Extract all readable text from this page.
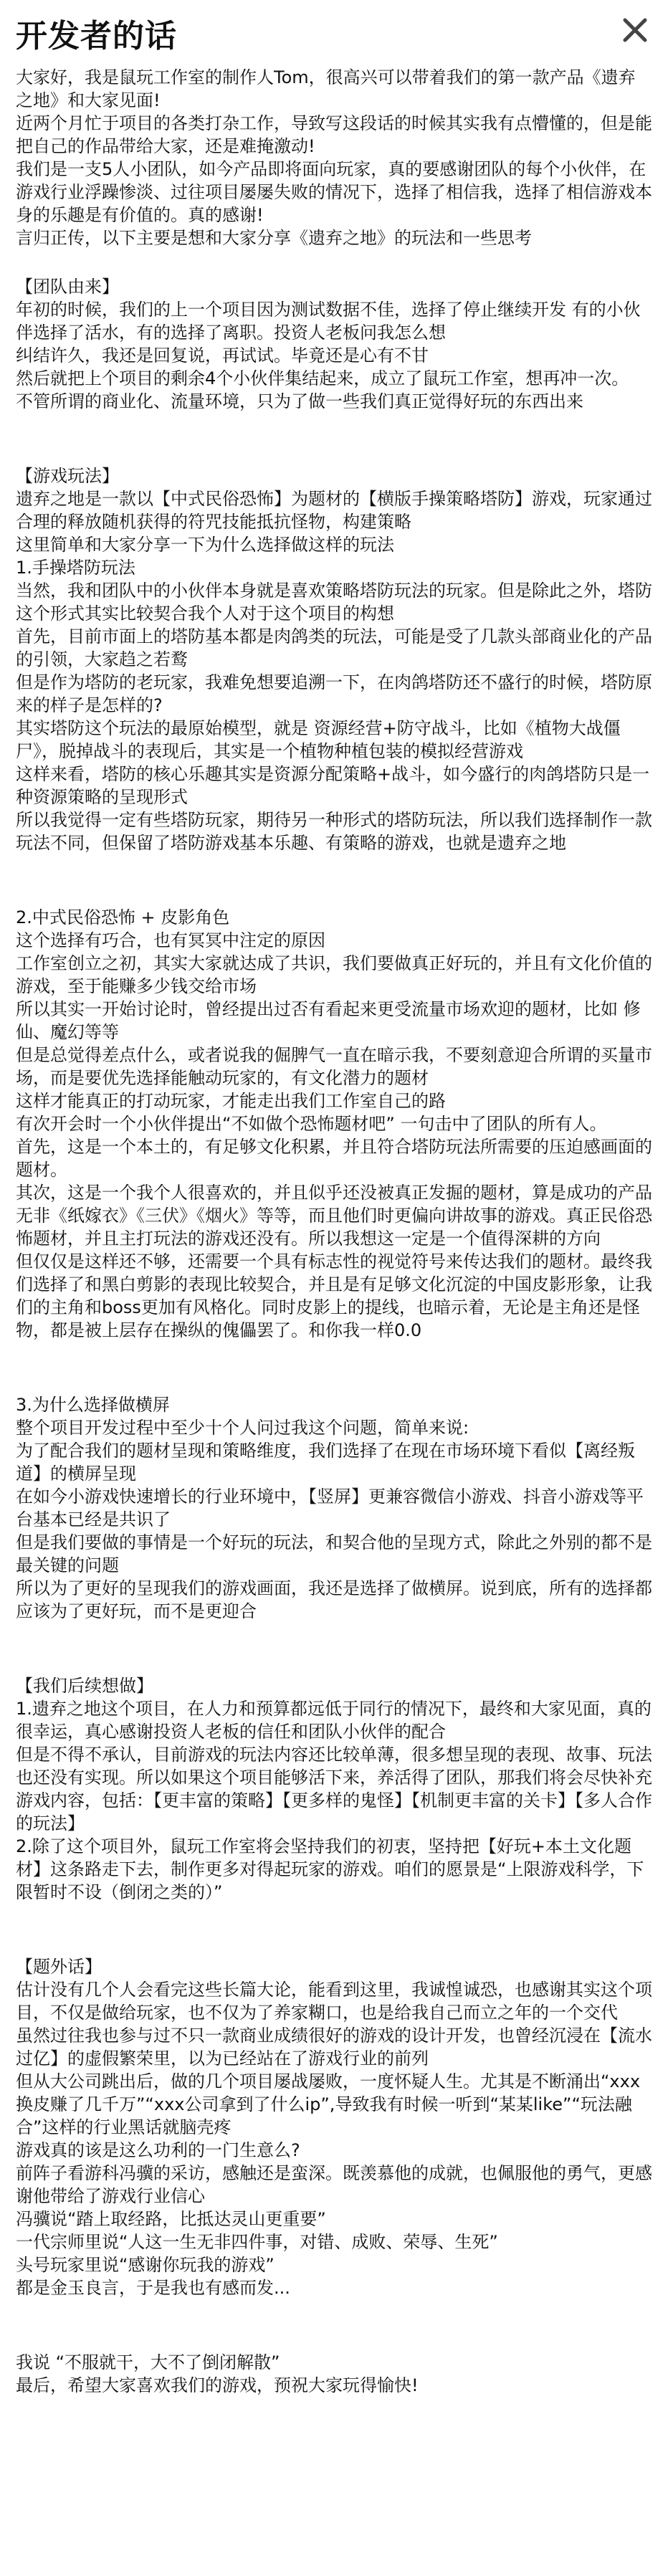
开发者的话

大家好，我是鼠玩工作室的制作人Tom，很高兴可以带着我们的第一款产品《遗弃之地》和大家见面!

近两个月忙于项目的各类打杂工作，导致写这段话的时候其实我有点懵懂的，但是能把自己的作品带给大家，还是难掩激动!

我们是一支5人小团队，如今产品即将面向玩家，真的要感谢团队的每个小伙伴，在游戏行业浮躁惨淡、过往项目屡屡失败的情况下，选择了相信我，选择了相信游戏本身的乐趣是有价值的。真的感谢!

言归正传，以下主要是想和大家分享《遗弃之地》的玩法和一些思考

【团队由来】

年初的时候，我们的上一个项目因为测试数据不佳，选择了停止继续开发 有的小伙伴选择了活水，有的选择了离职。投资人老板问我怎么想

纠结许久，我还是回复说，再试试。毕竟还是心有不甘

然后就把上个项目的剩余4个小伙伴集结起来，成立了鼠玩工作室，想再冲一次。

不管所谓的商业化、流量环境，只为了做一些我们真正觉得好玩的东西出来

【游戏玩法】

遗弃之地是一款以【中式民俗恐怖】为题材的【横版手操策略塔防】游戏，玩家通过合理的释放随机获得的符咒技能抵抗怪物，构建策略

这里简单和大家分享一下为什么选择做这样的玩法

1.手操塔防玩法

当然，我和团队中的小伙伴本身就是喜欢策略塔防玩法的玩家。但是除此之外，塔防这个形式其实比较契合我个人对于这个项目的构想

首先，目前市面上的塔防基本都是肉鸽类的玩法，可能是受了几款头部商业化的产品的引领，大家趋之若鹜

但是作为塔防的老玩家，我难免想要追溯一下，在肉鸽塔防还不盛行的时候，塔防原来的样子是怎样的?

其实塔防这个玩法的最原始模型，就是 资源经营+防守战斗，比如《植物大战僵尸》，脱掉战斗的表现后，其实是一个植物种植包装的模拟经营游戏

这样来看，塔防的核心乐趣其实是资源分配策略+战斗，如今盛行的肉鸽塔防只是一种资源策略的呈现形式

所以我觉得一定有些塔防玩家，期待另一种形式的塔防玩法，所以我们选择制作一款玩法不同，但保留了塔防游戏基本乐趣、有策略的游戏，也就是遗弃之地

2.中式民俗恐怖 + 皮影角色

这个选择有巧合，也有冥冥中注定的原因

工作室创立之初，其实大家就达成了共识，我们要做真正好玩的，并且有文化价值的游戏，至于能赚多少钱交给市场

所以其实一开始讨论时，曾经提出过否有看起来更受流量市场欢迎的题材，比如 修仙、魔幻等等

但是总觉得差点什么，或者说我的倔脾气一直在暗示我，不要刻意迎合所谓的买量市场，而是要优先选择能触动玩家的，有文化潜力的题材

这样才能真正的打动玩家，才能走出我们工作室自己的路

有次开会时一个小伙伴提出“不如做个恐怖题材吧” 一句击中了团队的所有人。

首先，这是一个本土的，有足够文化积累，并且符合塔防玩法所需要的压迫感画面的题材。

其次，这是一个我个人很喜欢的，并且似乎还没被真正发掘的题材，算是成功的产品无非《纸嫁衣》《三伏》《烟火》等等，而且他们时更偏向讲故事的游戏。真正民俗恐怖题材，并且主打玩法的游戏还没有。所以我想这一定是一个值得深耕的方向

但仅仅是这样还不够，还需要一个具有标志性的视觉符号来传达我们的题材。最终我们选择了和黑白剪影的表现比较契合，并且是有足够文化沉淀的中国皮影形象，让我们的主角和boss更加有风格化。同时皮影上的提线，也暗示着，无论是主角还是怪物，都是被上层存在操纵的傀儡罢了。和你我一样0.0

3.为什么选择做横屏

整个项目开发过程中至少十个人问过我这个问题，简单来说:

为了配合我们的题材呈现和策略维度，我们选择了在现在市场环境下看似【离经叛道】的横屏呈现

在如今小游戏快速增长的行业环境中，【竖屏】更兼容微信小游戏、抖音小游戏等平台基本已经是共识了

但是我们要做的事情是一个好玩的玩法，和契合他的呈现方式，除此之外别的都不是最关键的问题

所以为了更好的呈现我们的游戏画面，我还是选择了做横屏。说到底，所有的选择都应该为了更好玩，而不是更迎合

【我们后续想做】

1.遗弃之地这个项目，在人力和预算都远低于同行的情况下，最终和大家见面，真的很幸运，真心感谢投资人老板的信任和团队小伙伴的配合

但是不得不承认，目前游戏的玩法内容还比较单薄，很多想呈现的表现、故事、玩法也还没有实现。所以如果这个项目能够活下来，养活得了团队，那我们将会尽快补充游戏内容，包括：【更丰富的策略】【更多样的鬼怪】【机制更丰富的关卡】【多人合作的玩法】

2.除了这个项目外，鼠玩工作室将会坚持我们的初衷，坚持把【好玩+本土文化题材】这条路走下去，制作更多对得起玩家的游戏。咱们的愿景是“上限游戏科学，下限暂时不设（倒闭之类的）”

【题外话】

估计没有几个人会看完这些长篇大论，能看到这里，我诚惶诚恐，也感谢其实这个项目，不仅是做给玩家，也不仅为了养家糊口，也是给我自己而立之年的一个交代

虽然过往我也参与过不只一款商业成绩很好的游戏的设计开发，也曾经沉浸在【流水过亿】的虚假繁荣里，以为已经站在了游戏行业的前列

但从大公司跳出后，做的几个项目屡战屡败，一度怀疑人生。尤其是不断涌出“xxx换皮赚了几千万”“xxx公司拿到了什么ip”,导致我有时候一听到“某某like”“玩法融合”这样的行业黑话就脑壳疼

游戏真的该是这么功利的一门生意么?

前阵子看游科冯骥的采访，感触还是蛮深。既羡慕他的成就，也佩服他的勇气，更感谢他带给了游戏行业信心

冯骥说“踏上取经路，比抵达灵山更重要”

一代宗师里说“人这一生无非四件事，对错、成败、荣辱、生死”

头号玩家里说“感谢你玩我的游戏”

都是金玉良言，于是我也有感而发...

我说 “不服就干，大不了倒闭解散”

最后，希望大家喜欢我们的游戏，预祝大家玩得愉快!
